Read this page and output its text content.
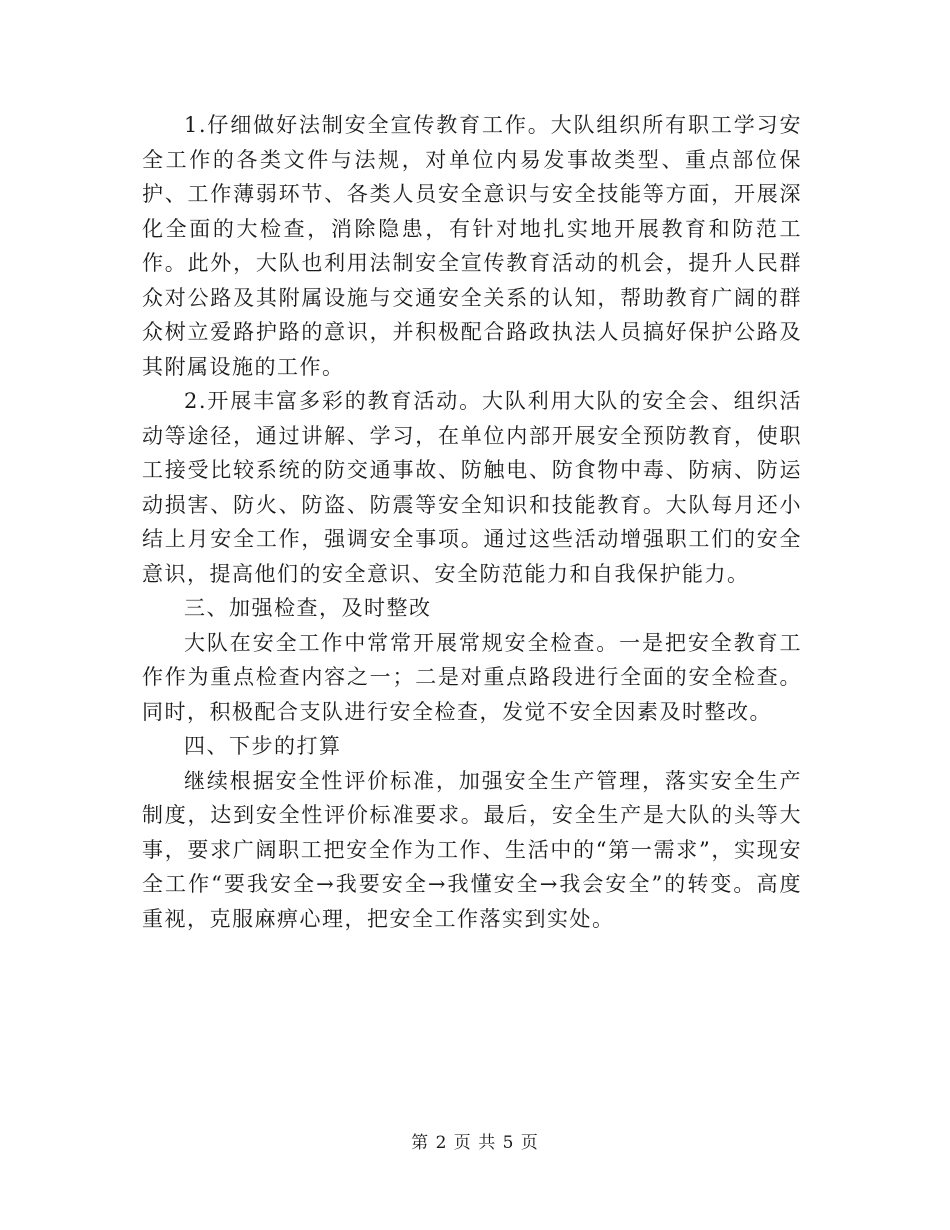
1.仔细做好法制安全宣传教育工作。大队组织所有职工学习安全工作的各类文件与法规，对单位内易发事故类型、重点部位保护、工作薄弱环节、各类人员安全意识与安全技能等方面，开展深化全面的大检查，消除隐患，有针对地扎实地开展教育和防范工作。此外，大队也利用法制安全宣传教育活动的机会，提升人民群众对公路及其附属设施与交通安全关系的认知，帮助教育广阔的群众树立爱路护路的意识，并积极配合路政执法人员搞好保护公路及其附属设施的工作。

2.开展丰富多彩的教育活动。大队利用大队的安全会、组织活动等途径，通过讲解、学习，在单位内部开展安全预防教育，使职工接受比较系统的防交通事故、防触电、防食物中毒、防病、防运动损害、防火、防盗、防震等安全知识和技能教育。大队每月还小结上月安全工作，强调安全事项。通过这些活动增强职工们的安全意识，提高他们的安全意识、安全防范能力和自我保护能力。

三、加强检查，及时整改

大队在安全工作中常常开展常规安全检查。一是把安全教育工作作为重点检查内容之一；二是对重点路段进行全面的安全检查。同时，积极配合支队进行安全检查，发觉不安全因素及时整改。

四、下步的打算

继续根据安全性评价标准，加强安全生产管理，落实安全生产制度，达到安全性评价标准要求。最后，安全生产是大队的头等大事，要求广阔职工把安全作为工作、生活中的“第一需求”，实现安全工作“要我安全→我要安全→我懂安全→我会安全”的转变。高度重视，克服麻痹心理，把安全工作落实到实处。

第 2 页 共 5 页
